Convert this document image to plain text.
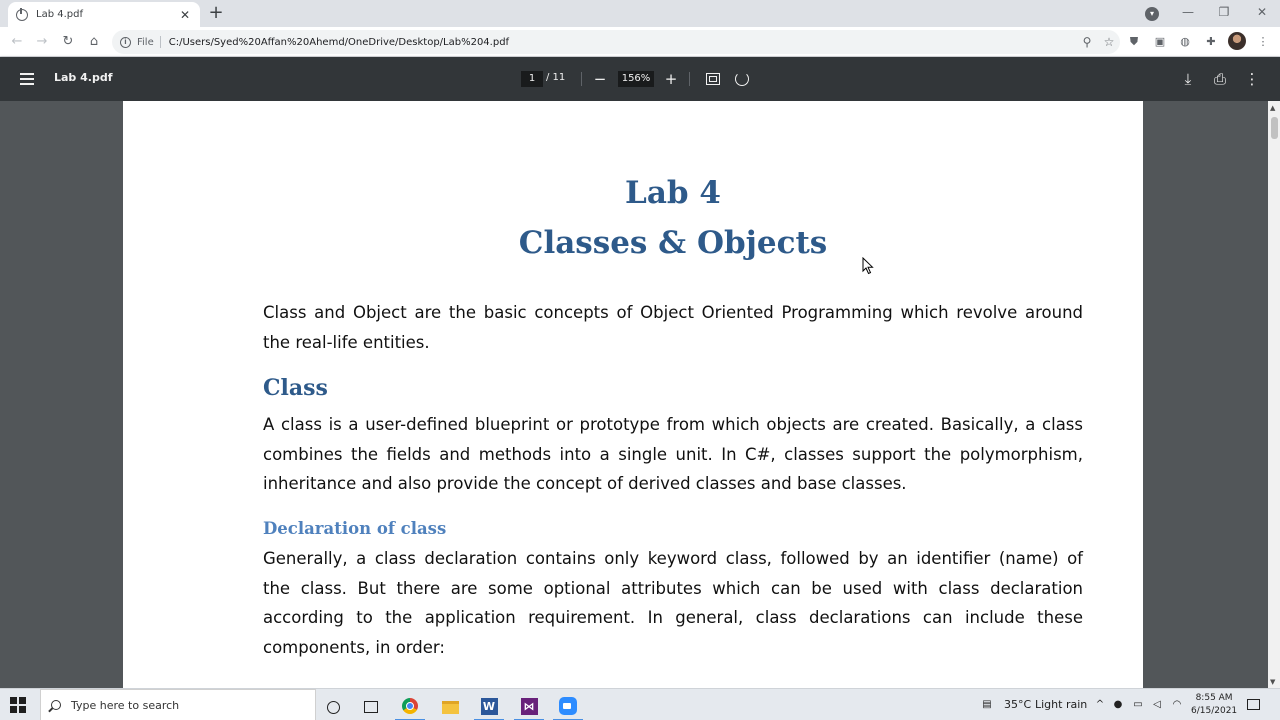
Lab 4.pdf	✕ +	▾	—	❐	✕
← → ↻	⌂	i	File C:/Users/Syed%20Affan%20Ahemd/OneDrive/Desktop/Lab%204.pdf	⚲	☆	⛊ ▣ ◍ ✚	⋮
Lab 4.pdf	1	/ 11 −	156% +	⤓	⎙ ⋮
Lab 4
Classes & Objects
Class and Object are the basic concepts of Object Oriented Programming which revolve around
the real-life entities.
Class
A class is a user-defined blueprint or prototype from which objects are created. Basically, a class
combines the fields and methods into a single unit. In C#, classes support the polymorphism,
inheritance and also provide the concept of derived classes and base classes.
Declaration of class
Generally, a class declaration contains only keyword class, followed by an identifier (name) of
the class. But there are some optional attributes which can be used with class declaration
according to the application requirement. In general, class declarations can include these
components, in order:
▲
▼
Type here to search	W	⋈	▤ 35°C Light rain ^ ● ▭ ◁ ◠
8:55 AM
6/15/2021
